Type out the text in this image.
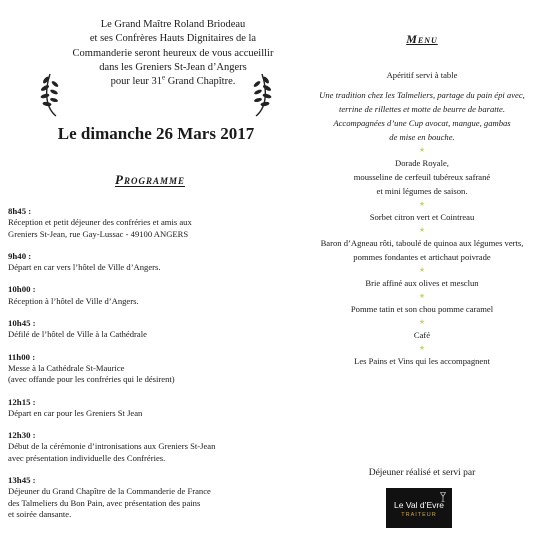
Le Grand Maître Roland Briodeau
et ses Confrères Hauts Dignitaires de la
Commanderie seront heureux de vous accueillir
dans les Greniers St-Jean d’Angers
pour leur 31e Grand Chapître.
Le dimanche 26 Mars 2017
Programme
8h45 :
Réception et petit déjeuner des confréries et amis aux
Greniers St-Jean, rue Gay-Lussac - 49100 ANGERS
9h40 :
Départ en car vers l’hôtel de Ville d’Angers.
10h00 :
Réception à l’hôtel de Ville d’Angers.
10h45 :
Défilé de l’hôtel de Ville à la Cathédrale
11h00 :
Messe à la Cathédrale St-Maurice
(avec offande pour les confréries qui le désirent)
12h15 :
Départ en car pour les Greniers St Jean
12h30 :
Début de la cérémonie d’intronisations aux Greniers St-Jean
avec présentation individuelle des Confréries.
13h45 :
Déjeuner du Grand Chapître de la Commanderie de France
des Talmeliers du Bon Pain, avec présentation des pains
et soirée dansante.
Menu
Apéritif servi à table
Une tradition chez les Talmeliers, partage du pain épi avec,
terrine de rillettes et motte de beurre de baratte.
Accompagnées d’une Cup avocat, mangue, gambas
de mise en bouche.
★
Dorade Royale,
mousseline de cerfeuil tubéreux safrané
et mini légumes de saison.
★
Sorbet citron vert et Cointreau
★
Baron d’Agneau rôti, taboulé de quinoa aux légumes verts,
pommes fondantes et artichaut poivrade
★
Brie affiné aux olives et mesclun
★
Pomme tatin et son chou pomme caramel
★
Café
★
Les Pains et Vins qui les accompagnent
Déjeuner réalisé et servi par
Le Val d’Evre
TRAITEUR
